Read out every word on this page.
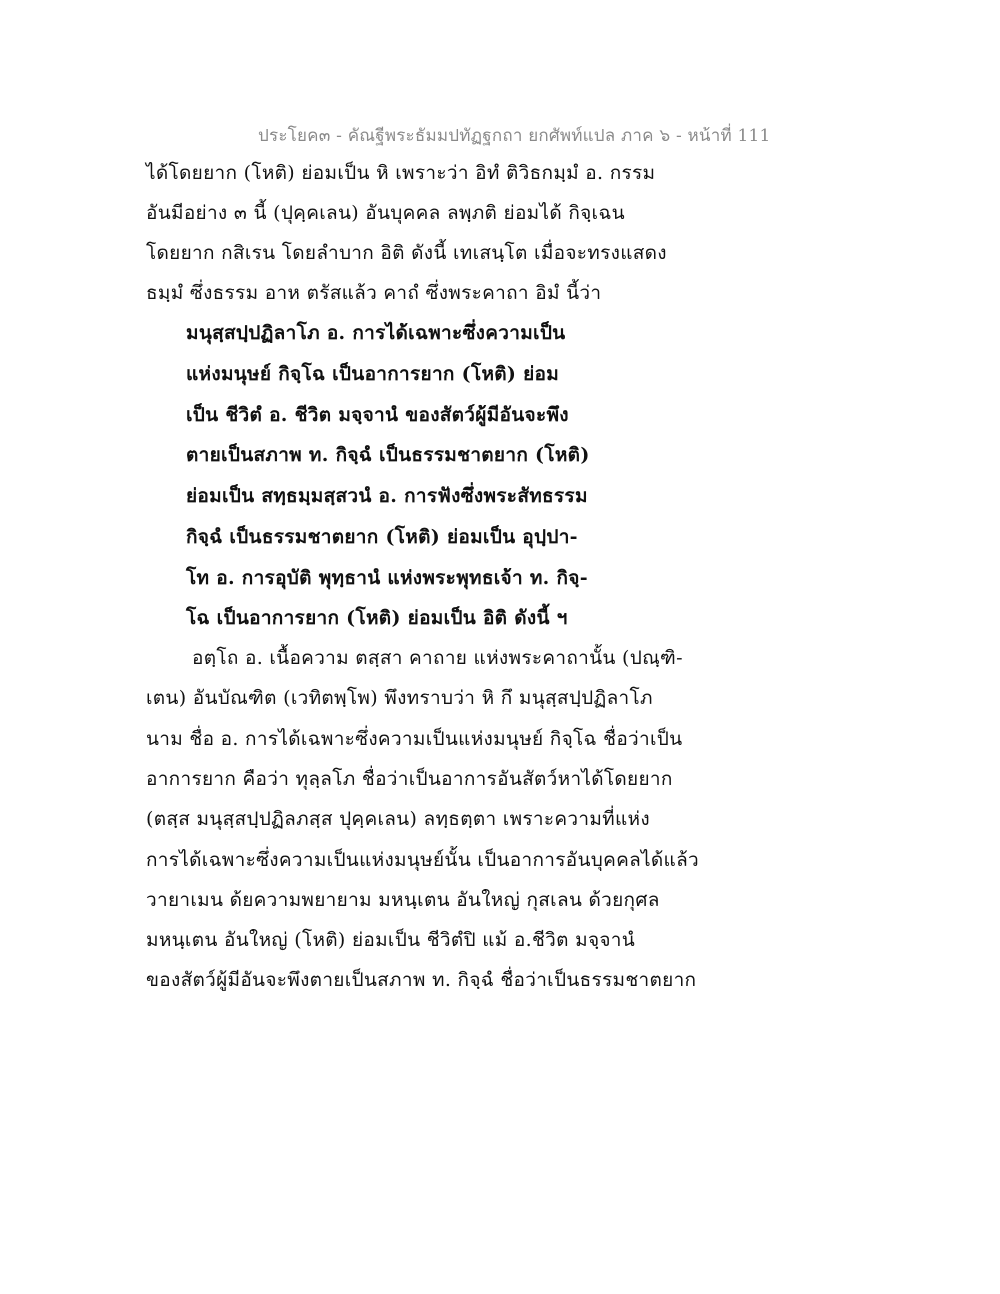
ประโยค๓ - คัณฐีพระธัมมปทัฏฐกถา ยกศัพท์แปล ภาค ๖ - หน้าที่ 111
ได้โดยยาก (โหติ) ย่อมเป็น หิ เพราะว่า อิทํ ติวิธกมฺมํ อ. กรรม
อันมีอย่าง ๓ นี้ (ปุคฺคเลน) อันบุคคล ลพฺภติ ย่อมได้ กิจฺเฉน
โดยยาก กสิเรน โดยลำบาก อิติ ดังนี้ เทเสนฺโต เมื่อจะทรงแสดง
ธมฺมํ ซึ่งธรรม อาห ตรัสแล้ว คาถํ ซึ่งพระคาถา อิมํ นี้ว่า
มนุสฺสปฺปฏิลาโภ อ. การได้เฉพาะซึ่งความเป็น
แห่งมนุษย์ กิจฺโฉ เป็นอาการยาก (โหติ) ย่อม
เป็น ชีวิตํ อ. ชีวิต มจฺจานํ ของสัตว์ผู้มีอันจะพึง
ตายเป็นสภาพ ท. กิจฺฉํ เป็นธรรมชาตยาก (โหติ)
ย่อมเป็น สทฺธมฺมสฺสวนํ อ. การฟังซึ่งพระสัทธรรม
กิจฺฉํ เป็นธรรมชาตยาก (โหติ) ย่อมเป็น อุปฺปา-
โท อ. การอุบัติ พุทฺธานํ แห่งพระพุทธเจ้า ท. กิจฺ-
โฉ เป็นอาการยาก (โหติ) ย่อมเป็น อิติ ดังนี้ ฯ
อตฺโถ อ. เนื้อความ ตสฺสา คาถาย แห่งพระคาถานั้น (ปณฺฑิ-
เตน) อันบัณฑิต (เวทิตพฺโพ) พึงทราบว่า หิ กึ มนุสฺสปฺปฏิลาโภ
นาม ชื่อ อ. การได้เฉพาะซึ่งความเป็นแห่งมนุษย์ กิจฺโฉ ชื่อว่าเป็น
อาการยาก คือว่า ทุลฺลโภ ชื่อว่าเป็นอาการอันสัตว์หาได้โดยยาก
(ตสฺส มนุสฺสปฺปฏิลภสฺส ปุคฺคเลน) ลทฺธตฺตา เพราะความที่แห่ง
การได้เฉพาะซึ่งความเป็นแห่งมนุษย์นั้น เป็นอาการอันบุคคลได้แล้ว
วายาเมน ด้ยความพยายาม มหนฺเตน อันใหญ่ กุสเลน ด้วยกุศล
มหนฺเตน อันใหญ่ (โหติ) ย่อมเป็น ชีวิตํปิ แม้ อ.ชีวิต มจฺจานํ
ของสัตว์ผู้มีอันจะพึงตายเป็นสภาพ ท. กิจฺฉํ ชื่อว่าเป็นธรรมชาตยาก
